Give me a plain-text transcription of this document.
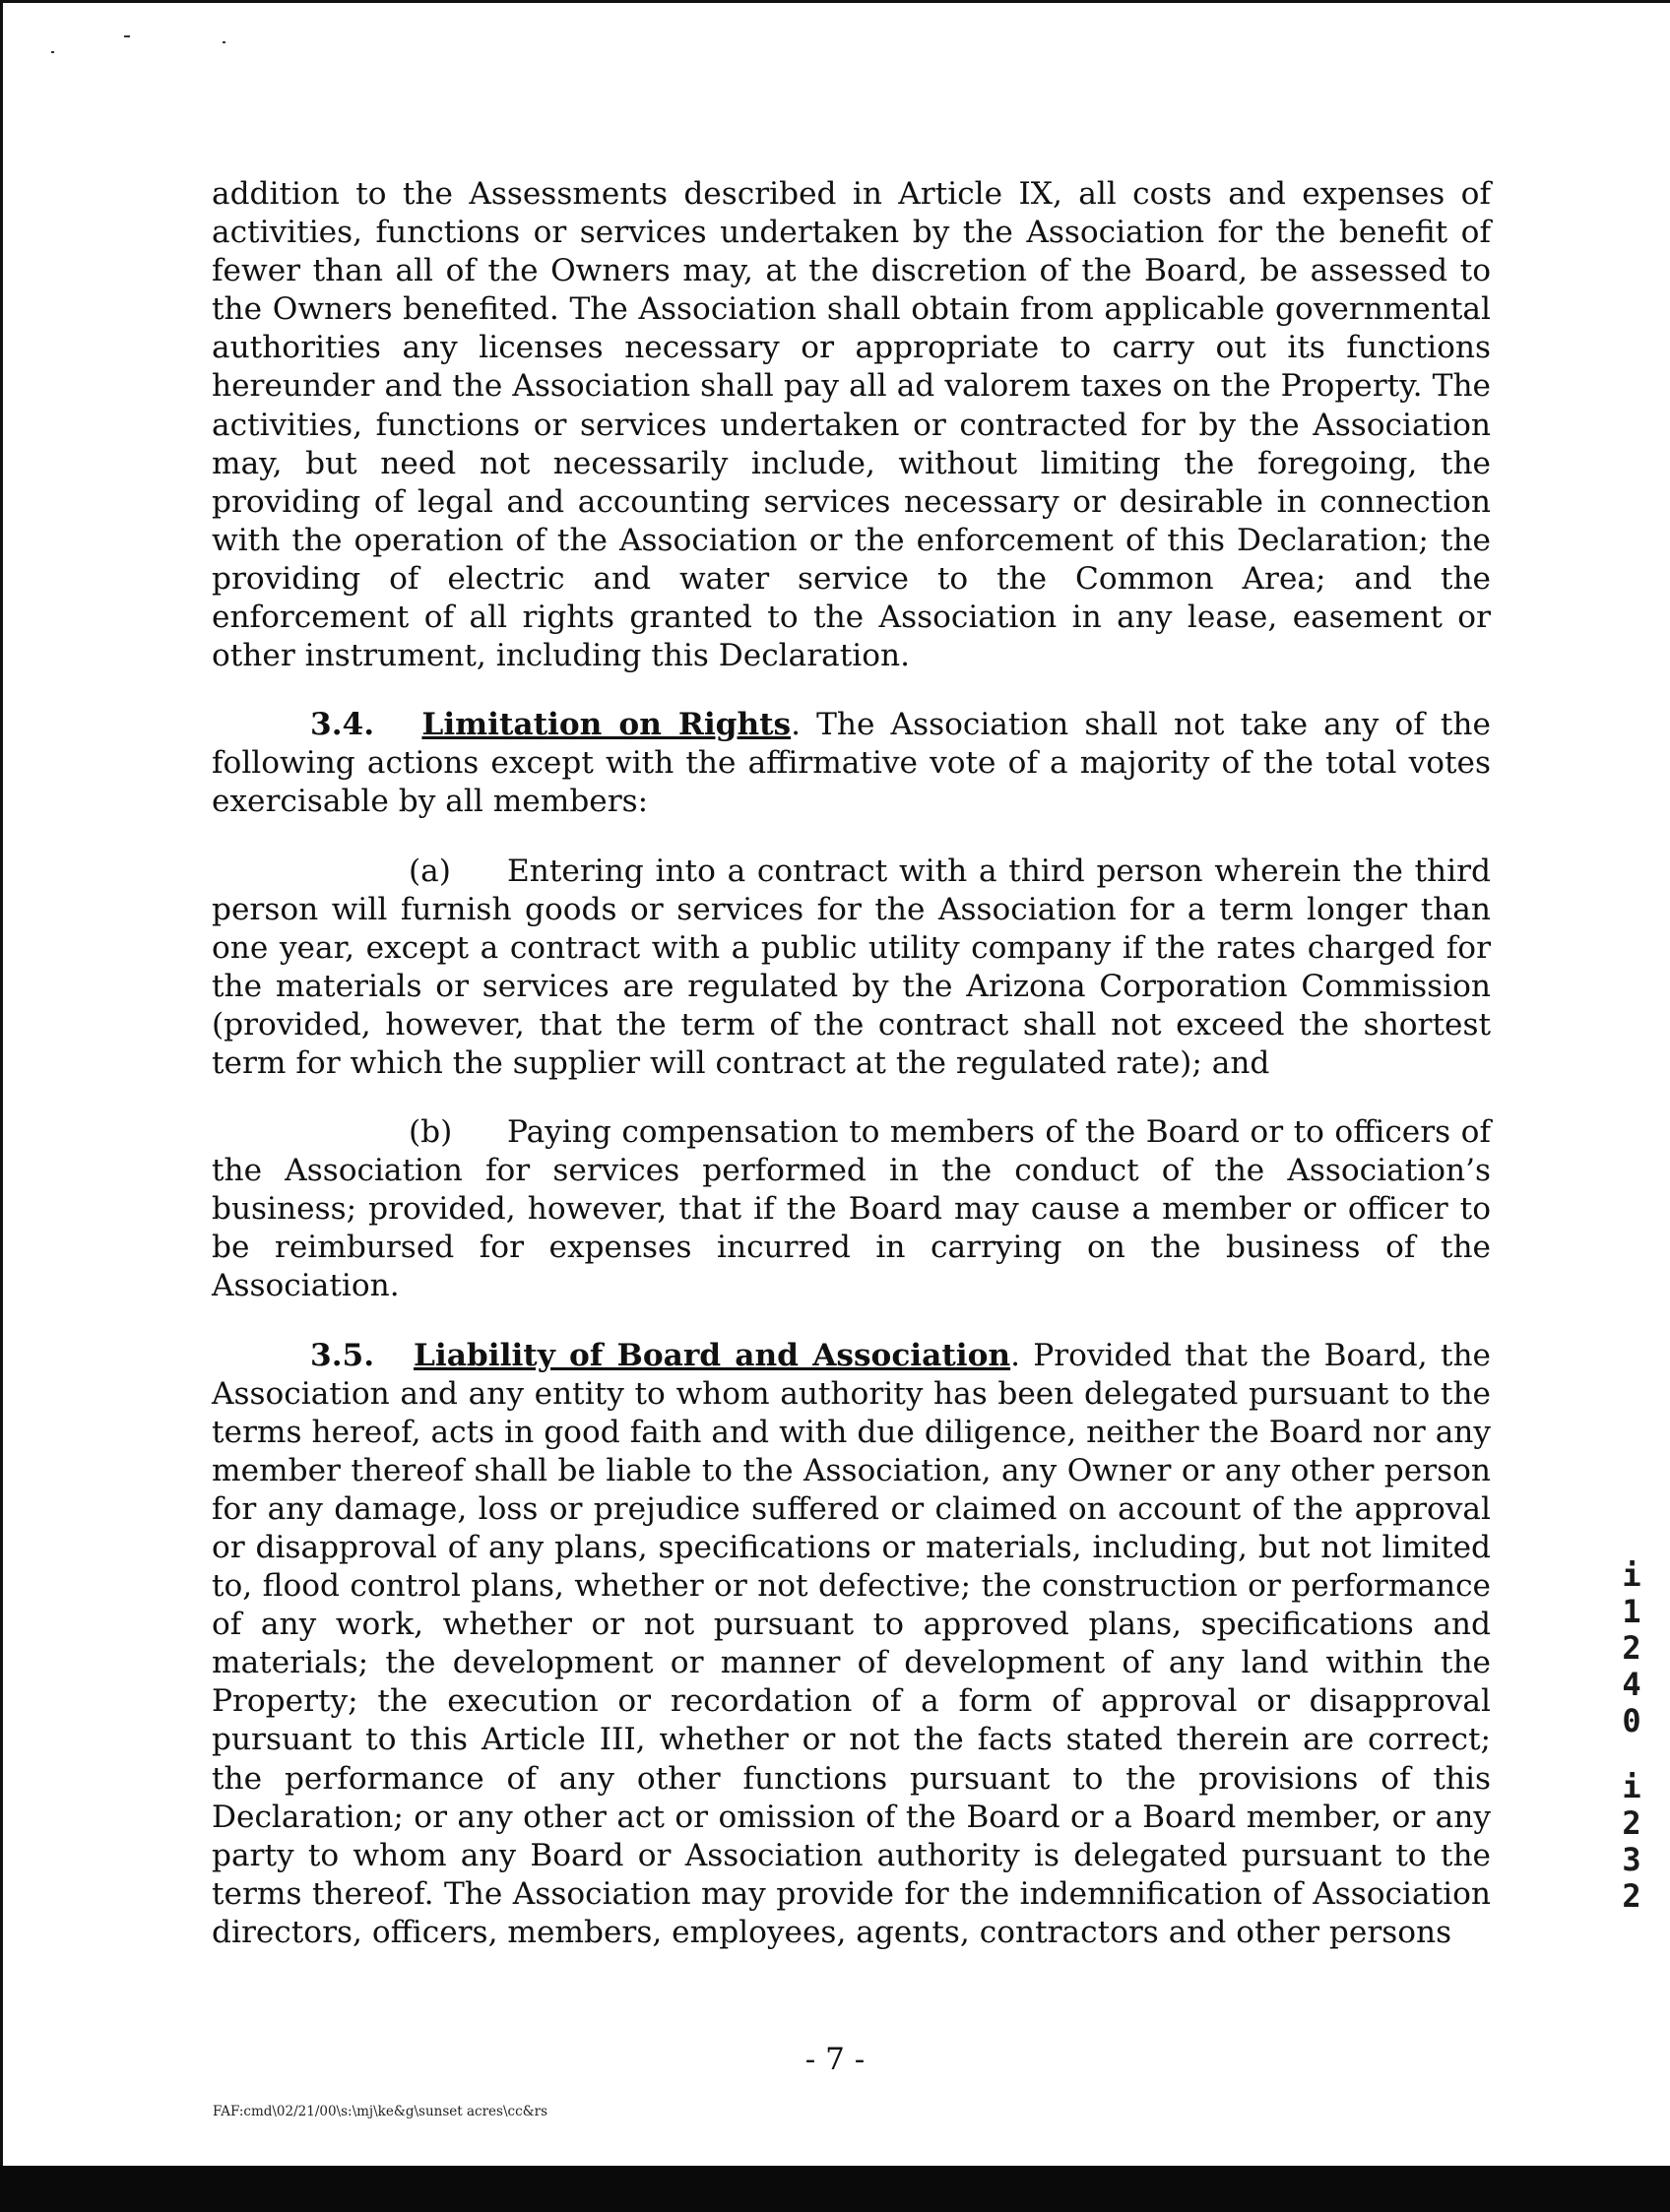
addition to the Assessments described in Article IX, all costs and expenses of activities, functions or services undertaken by the Association for the benefit of fewer than all of the Owners may, at the discretion of the Board, be assessed to the Owners benefited. The Association shall obtain from applicable governmental authorities any licenses necessary or appropriate to carry out its functions hereunder and the Association shall pay all ad valorem taxes on the Property. The activities, functions or services undertaken or contracted for by the Association may, but need not necessarily include, without limiting the foregoing, the providing of legal and accounting services necessary or desirable in connection with the operation of the Association or the enforcement of this Declaration; the providing of electric and water service to the Common Area; and the enforcement of all rights granted to the Association in any lease, easement or other instrument, including this Declaration.

3.4. Limitation on Rights. The Association shall not take any of the following actions except with the affirmative vote of a majority of the total votes exercisable by all members:

(a) Entering into a contract with a third person wherein the third person will furnish goods or services for the Association for a term longer than one year, except a contract with a public utility company if the rates charged for the materials or services are regulated by the Arizona Corporation Commission (provided, however, that the term of the contract shall not exceed the shortest term for which the supplier will contract at the regulated rate); and

(b) Paying compensation to members of the Board or to officers of the Association for services performed in the conduct of the Association’s business; provided, however, that if the Board may cause a member or officer to be reimbursed for expenses incurred in carrying on the business of the Association.

3.5. Liability of Board and Association. Provided that the Board, the Association and any entity to whom authority has been delegated pursuant to the terms hereof, acts in good faith and with due diligence, neither the Board nor any member thereof shall be liable to the Association, any Owner or any other person for any damage, loss or prejudice suffered or claimed on account of the approval or disapproval of any plans, specifications or materials, including, but not limited to, flood control plans, whether or not defective; the construction or performance of any work, whether or not pursuant to approved plans, specifications and materials; the development or manner of development of any land within the Property; the execution or recordation of a form of approval or disapproval pursuant to this Article III, whether or not the facts stated therein are correct; the performance of any other functions pursuant to the provisions of this Declaration; or any other act or omission of the Board or a Board member, or any party to whom any Board or Association authority is delegated pursuant to the terms thereof. The Association may provide for the indemnification of Association directors, officers, members, employees, agents, contractors and other persons

- 7 -
FAF:cmd\02/21/00\s:\mj\ke&g\sunset acres\cc&rs
i
1
2
4
0
i
2
3
2
